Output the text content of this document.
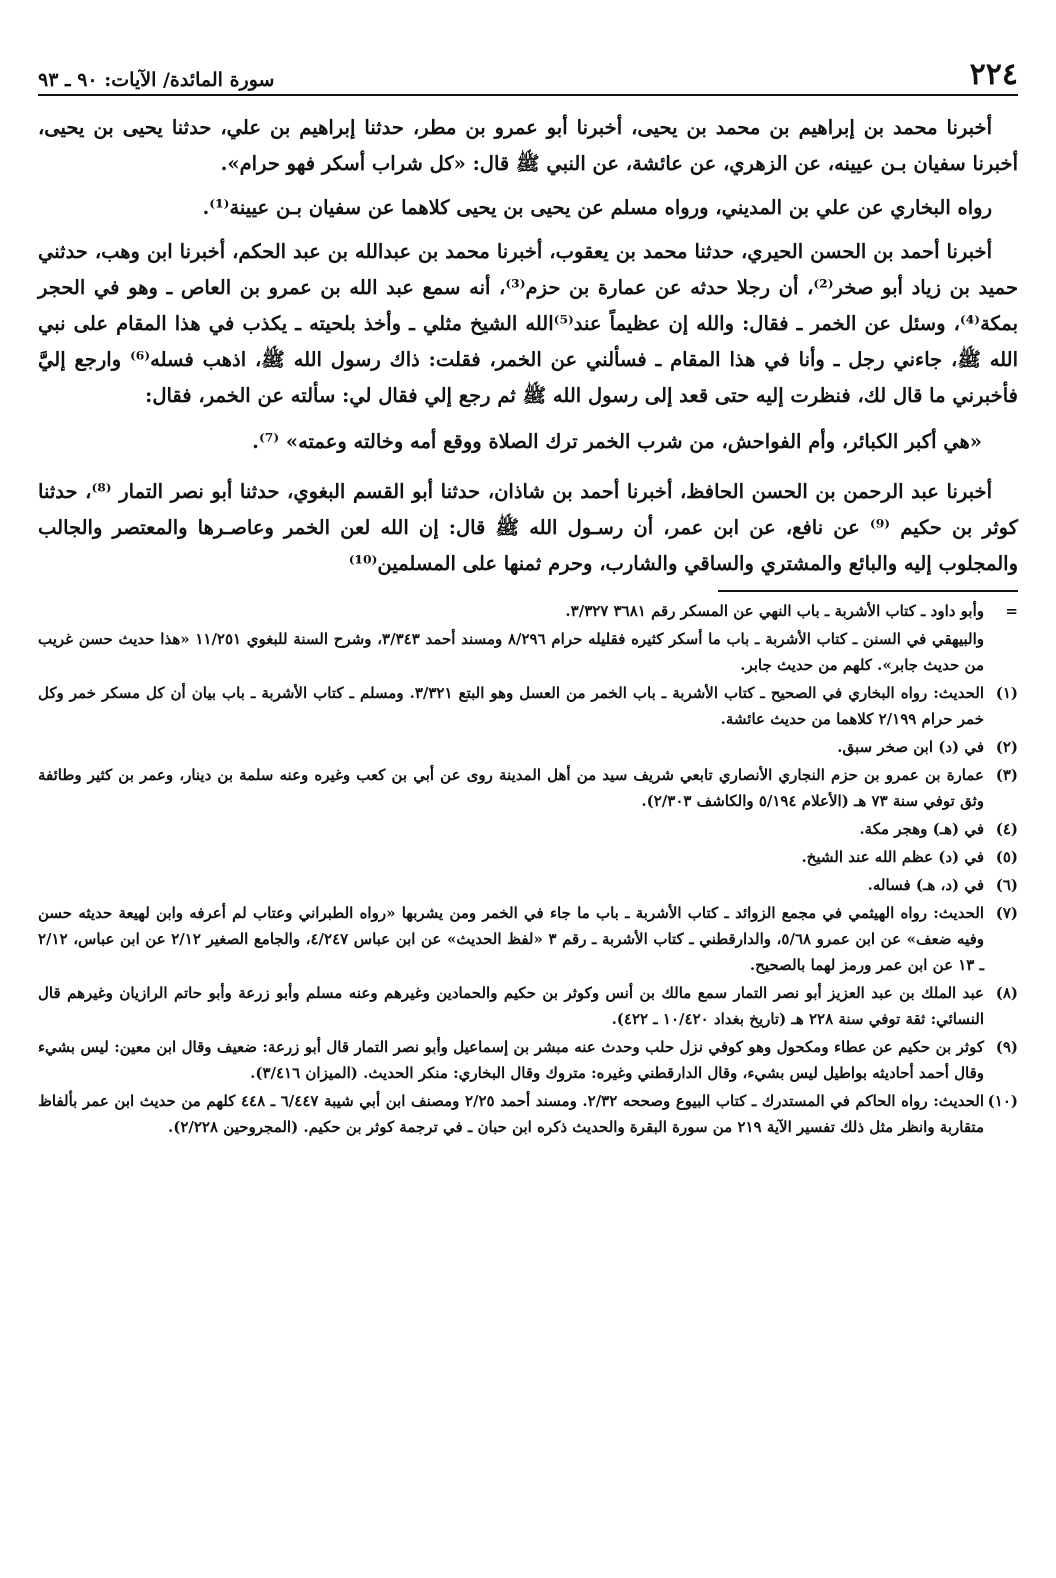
٢٢٤
سورة المائدة/ الآيات: ٩٠ ـ ٩٣

أخبرنا محمد بن إبراهيم بن محمد بن يحيى، أخبرنا أبو عمرو بن مطر، حدثنا إبراهيم بن علي، حدثنا يحيى بن يحيى، أخبرنا سفيان بـن عيينه، عن الزهري، عن عائشة، عن النبي ﷺ قال: «كل شراب أسكر فهو حرام».

رواه البخاري عن علي بن المديني، ورواه مسلم عن يحيى بن يحيى كلاهما عن سفيان بـن عيينة⁽¹⁾.

أخبرنا أحمد بن الحسن الحيري، حدثنا محمد بن يعقوب، أخبرنا محمد بن عبدالله بن عبد الحكم، أخبرنا ابن وهب، حدثني حميد بن زياد أبو صخر⁽²⁾، أن رجلا حدثه عن عمارة بن حزم⁽³⁾، أنه سمع عبد الله بن عمرو بن العاص ـ وهو في الحجر بمكة⁽⁴⁾، وسئل عن الخمر ـ فقال: والله إن عظيماً عند⁽⁵⁾الله الشيخ مثلي ـ وأخذ بلحيته ـ يكذب في هذا المقام على نبي الله ﷺ، جاءني رجل ـ وأنا في هذا المقام ـ فسألني عن الخمر، فقلت: ذاك رسول الله ﷺ، اذهب فسله⁽⁶⁾ وارجع إليَّ فأخبرني ما قال لك، فنظرت إليه حتى قعد إلى رسول الله ﷺ ثم رجع إلي فقال لي: سألته عن الخمر، فقال:

«هي أكبر الكبائر، وأم الفواحش، من شرب الخمر ترك الصلاة ووقع أمه وخالته وعمته» ⁽⁷⁾.

أخبرنا عبد الرحمن بن الحسن الحافظ، أخبرنا أحمد بن شاذان، حدثنا أبو القسم البغوي، حدثنا أبو نصر التمار ⁽⁸⁾، حدثنا كوثر بن حكيم ⁽⁹⁾ عن نافع، عن ابن عمر، أن رسـول الله ﷺ قال: إن الله لعن الخمر وعاصـرها والمعتصر والجالب والمجلوب إليه والبائع والمشتري والساقي والشارب، وحرم ثمنها على المسلمين⁽¹⁰⁾

=
وأبو داود ـ كتاب الأشربة ـ باب النهي عن المسكر رقم ٣٦٨١ ٣/٣٢٧.
والبيهقي في السنن ـ كتاب الأشربة ـ باب ما أسكر كثيره فقليله حرام ٨/٢٩٦ ومسند أحمد ٣/٣٤٣، وشرح السنة للبغوي ١١/٢٥١ «هذا حديث حسن غريب من حديث جابر». كلهم من حديث جابر.
(١)
الحديث: رواه البخاري في الصحيح ـ كتاب الأشربة ـ باب الخمر من العسل وهو البتع ٣/٣٢١. ومسلم ـ كتاب الأشربة ـ باب بيان أن كل مسكر خمر وكل خمر حرام ٢/١٩٩ كلاهما من حديث عائشة.
(٢)
في (د) ابن صخر سبق.
(٣)
عمارة بن عمرو بن حزم النجاري الأنصاري تابعي شريف سيد من أهل المدينة روى عن أبي بن كعب وغيره وعنه سلمة بن دينار، وعمر بن كثير وطائفة وثق توفي سنة ٧٣ هـ (الأعلام ٥/١٩٤ والكاشف ٢/٣٠٣).
(٤)
في (هـ) وهجر مكة.
(٥)
في (د) عظم الله عند الشيخ.
(٦)
في (د، هـ) فساله.
(٧)
الحديث: رواه الهيثمي في مجمع الزوائد ـ كتاب الأشربة ـ باب ما جاء في الخمر ومن يشربها «رواه الطبراني وعتاب لم أعرفه وابن لهيعة حديثه حسن وفيه ضعف» عن ابن عمرو ٥/٦٨، والدارقطني ـ كتاب الأشربة ـ رقم ٣ «لفظ الحديث» عن ابن عباس ٤/٢٤٧، والجامع الصغير ٢/١٢ عن ابن عباس، ٢/١٢ ـ ١٣ عن ابن عمر ورمز لهما بالصحيح.
(٨)
عبد الملك بن عبد العزيز أبو نصر التمار سمع مالك بن أنس وكوثر بن حكيم والحمادين وغيرهم وعنه مسلم وأبو زرعة وأبو حاتم الرازيان وغيرهم قال النسائي: ثقة توفي سنة ٢٢٨ هـ (تاريخ بغداد ١٠/٤٢٠ ـ ٤٢٢).
(٩)
كوثر بن حكيم عن عطاء ومكحول وهو كوفي نزل حلب وحدث عنه مبشر بن إسماعيل وأبو نصر التمار قال أبو زرعة: ضعيف وقال ابن معين: ليس بشيء وقال أحمد أحاديثه بواطيل ليس بشيء، وقال الدارقطني وغيره: متروك وقال البخاري: منكر الحديث. (الميزان ٣/٤١٦).
(١٠)
الحديث: رواه الحاكم في المستدرك ـ كتاب البيوع وصححه ٢/٣٢. ومسند أحمد ٢/٢٥ ومصنف ابن أبي شيبة ٦/٤٤٧ ـ ٤٤٨ كلهم من حديث ابن عمر بألفاظ متقاربة وانظر مثل ذلك تفسير الآية ٢١٩ من سورة البقرة والحديث ذكره ابن حبان ـ في ترجمة كوثر بن حكيم. (المجروحين ٢/٢٢٨).
